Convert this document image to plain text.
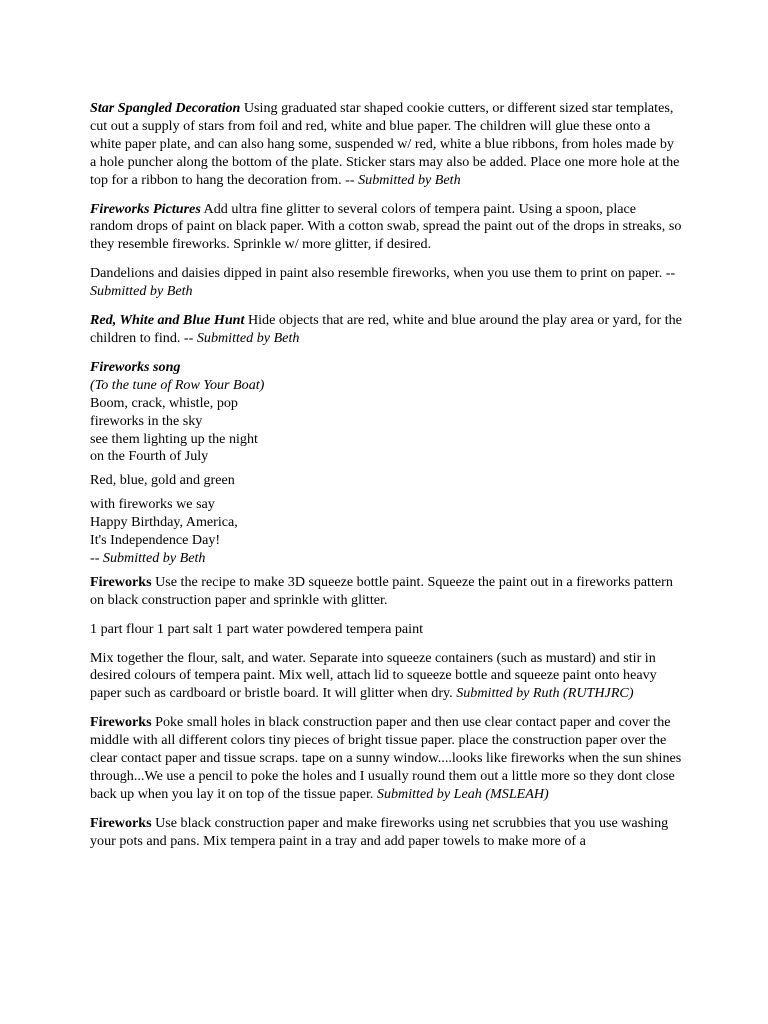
Star Spangled Decoration Using graduated star shaped cookie cutters, or different sized star templates, cut out a supply of stars from foil and red, white and blue paper. The children will glue these onto a white paper plate, and can also hang some, suspended w/ red, white a blue ribbons, from holes made by a hole puncher along the bottom of the plate. Sticker stars may also be added. Place one more hole at the top for a ribbon to hang the decoration from. -- Submitted by Beth

Fireworks Pictures Add ultra fine glitter to several colors of tempera paint. Using a spoon, place random drops of paint on black paper. With a cotton swab, spread the paint out of the drops in streaks, so they resemble fireworks. Sprinkle w/ more glitter, if desired.

Dandelions and daisies dipped in paint also resemble fireworks, when you use them to print on paper. -- Submitted by Beth

Red, White and Blue Hunt Hide objects that are red, white and blue around the play area or yard, for the children to find. -- Submitted by Beth

Fireworks song
(To the tune of Row Your Boat)
Boom, crack, whistle, pop
fireworks in the sky
see them lighting up the night
on the Fourth of July

Red, blue, gold and green

with fireworks we say
Happy Birthday, America,
It's Independence Day!
-- Submitted by Beth

Fireworks Use the recipe to make 3D squeeze bottle paint. Squeeze the paint out in a fireworks pattern on black construction paper and sprinkle with glitter.

1 part flour 1 part salt 1 part water powdered tempera paint

Mix together the flour, salt, and water. Separate into squeeze containers (such as mustard) and stir in desired colours of tempera paint. Mix well, attach lid to squeeze bottle and squeeze paint onto heavy paper such as cardboard or bristle board. It will glitter when dry. Submitted by Ruth (RUTHJRC)

Fireworks Poke small holes in black construction paper and then use clear contact paper and cover the middle with all different colors tiny pieces of bright tissue paper. place the construction paper over the clear contact paper and tissue scraps. tape on a sunny window....looks like fireworks when the sun shines through...We use a pencil to poke the holes and I usually round them out a little more so they dont close back up when you lay it on top of the tissue paper. Submitted by Leah (MSLEAH)

Fireworks Use black construction paper and make fireworks using net scrubbies that you use washing your pots and pans. Mix tempera paint in a tray and add paper towels to make more of a
